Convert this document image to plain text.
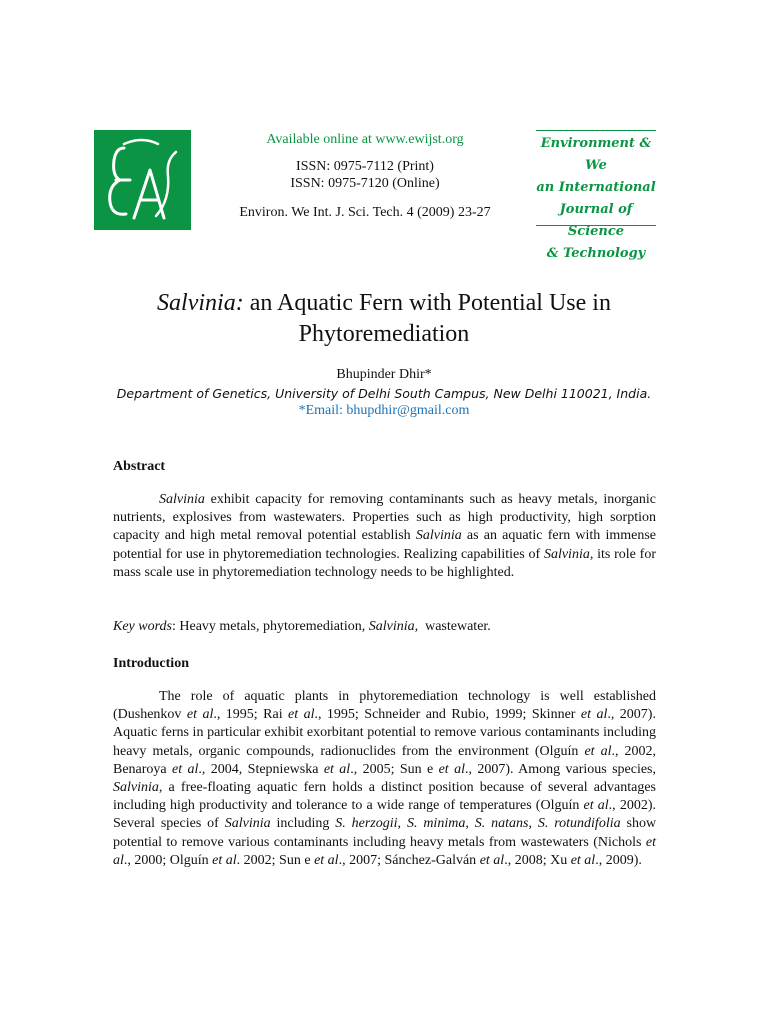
Available online at www.ewijst.org
ISSN: 0975-7112 (Print)
ISSN: 0975-7120 (Online)
Environ. We Int. J. Sci. Tech. 4 (2009) 23-27
Environment & We
an International
Journal of Science
& Technology
Salvinia: an Aquatic Fern with Potential Use in
Phytoremediation
Bhupinder Dhir*
Department of Genetics, University of Delhi South Campus, New Delhi 110021, India.
*Email: bhupdhir@gmail.com
Abstract

Salvinia exhibit capacity for removing contaminants such as heavy metals, inorganic nutrients, explosives from wastewaters. Properties such as high productivity, high sorption capacity and high metal removal potential establish Salvinia as an aquatic fern with immense potential for use in phytoremediation technologies. Realizing capabilities of Salvinia, its role for mass scale use in phytoremediation technology needs to be highlighted.

Key words: Heavy metals, phytoremediation, Salvinia,  wastewater.
Introduction

The role of aquatic plants in phytoremediation technology is well established (Dushenkov et al., 1995; Rai et al., 1995; Schneider and Rubio, 1999; Skinner et al., 2007). Aquatic ferns in particular exhibit exorbitant potential to remove various contaminants including heavy metals, organic compounds, radionuclides from the environment (Olguín et al., 2002, Benaroya et al., 2004, Stepniewska et al., 2005; Sun e et al., 2007). Among various species, Salvinia, a free-floating aquatic fern holds a distinct position because of several advantages including high productivity and tolerance to a wide range of temperatures (Olguín et al., 2002). Several species of Salvinia including S. herzogii, S. minima, S. natans, S. rotundifolia show potential to remove various contaminants including heavy metals from wastewaters (Nichols et al., 2000; Olguín et al. 2002; Sun e et al., 2007; Sánchez-Galván et al., 2008; Xu et al., 2009).
